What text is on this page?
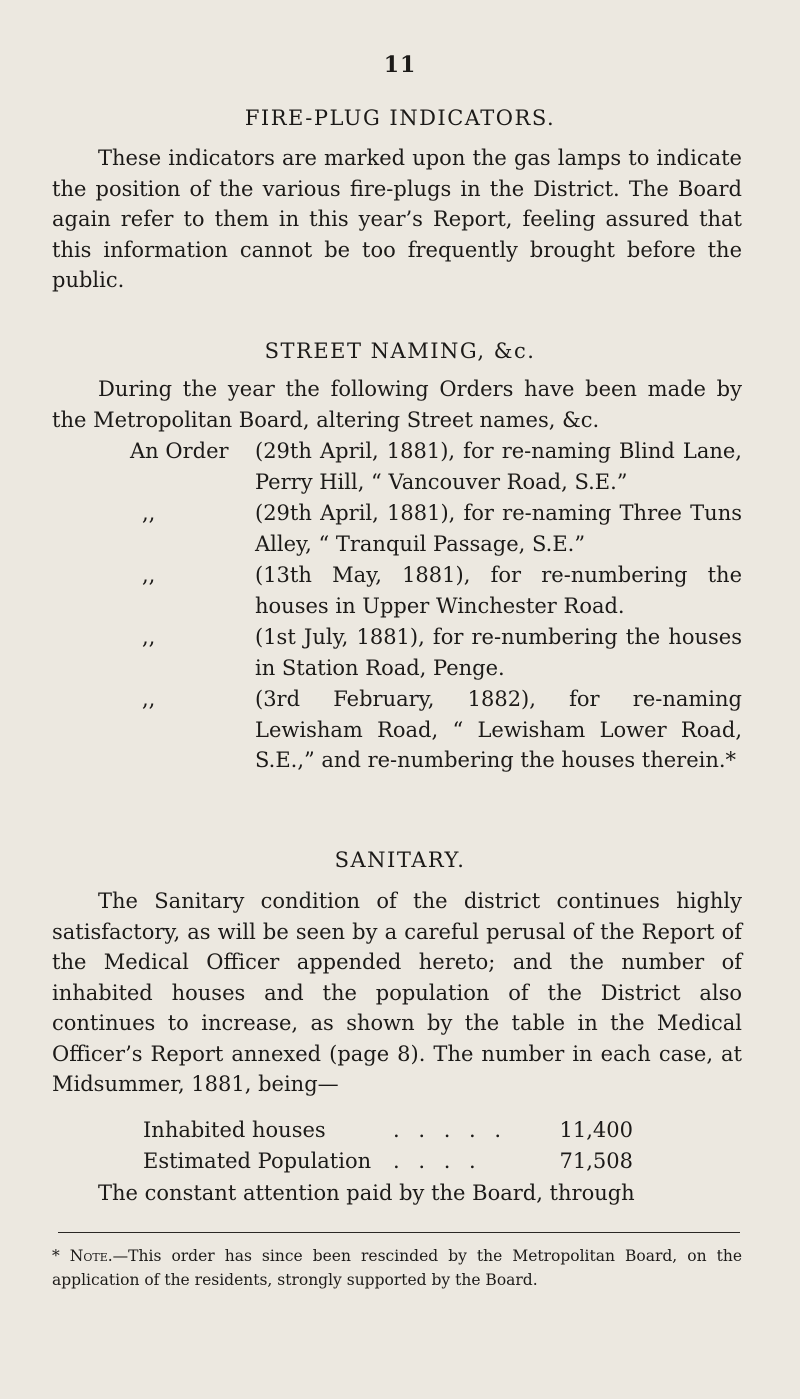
11
FIRE-PLUG INDICATORS.

These indicators are marked upon the gas lamps to indicate the position of the various fire-plugs in the District. The Board again refer to them in this year’s Report, feeling assured that this information cannot be too frequently brought before the public.

STREET NAMING, &c.

During the year the following Orders have been made by the Metropolitan Board, altering Street names, &c.

An Order	(29th April, 1881), for re-naming Blind Lane, Perry Hill, “ Vancouver Road, S.E.”
,,	(29th April, 1881), for re-naming Three Tuns Alley, “ Tranquil Passage, S.E.”
,,	(13th May, 1881), for re-numbering the houses in Upper Winchester Road.
,,	(1st July, 1881), for re-numbering the houses in Station Road, Penge.
,,	(3rd February, 1882), for re-naming Lewisham Road, “ Lewisham Lower Road, S.E.,” and re-numbering the houses therein.*
SANITARY.

The Sanitary condition of the district continues highly satisfactory, as will be seen by a careful perusal of the Report of the Medical Officer appended hereto; and the number of inhabited houses and the population of the District also continues to increase, as shown by the table in the Medical Officer’s Report annexed (page 8). The number in each case, at Midsummer, 1881, being—

Inhabited houses	. . . . . 11,400
Estimated Population . . . .	71,508

The constant attention paid by the Board, through

* Note.—This order has since been rescinded by the Metropolitan Board, on the application of the residents, strongly supported by the Board.
